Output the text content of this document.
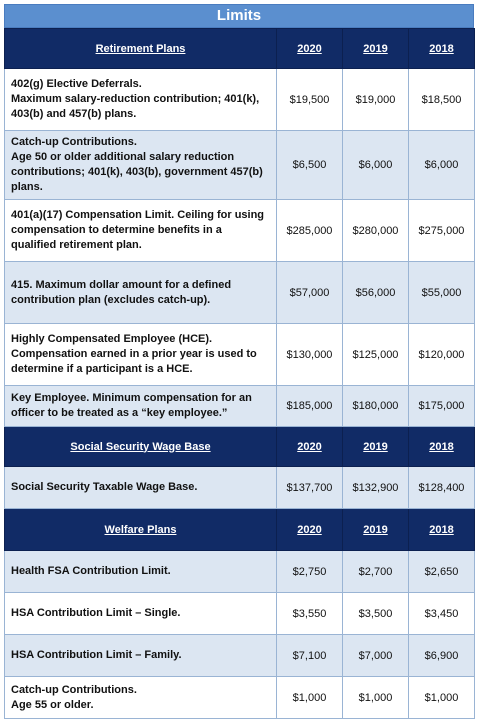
Limits
Retirement Plans	2020	2019	2018
402(g) Elective Deferrals.
Maximum salary-reduction contribution; 401(k), 403(b) and 457(b) plans.	$19,500	$19,000	$18,500
Catch-up Contributions.
Age 50 or older additional salary reduction contributions; 401(k), 403(b), government 457(b) plans.	$6,500	$6,000	$6,000
401(a)(17) Compensation Limit. Ceiling for using compensation to determine benefits in a qualified retirement plan.	$285,000	$280,000	$275,000
415. Maximum dollar amount for a defined contribution plan (excludes catch-up).	$57,000	$56,000	$55,000
Highly Compensated Employee (HCE). Compensation earned in a prior year is used to determine if a participant is a HCE.	$130,000	$125,000	$120,000
Key Employee. Minimum compensation for an officer to be treated as a “key employee.”	$185,000	$180,000	$175,000
Social Security Wage Base	2020	2019	2018
Social Security Taxable Wage Base.	$137,700	$132,900	$128,400
Welfare Plans	2020	2019	2018
Health FSA Contribution Limit.	$2,750	$2,700	$2,650
HSA Contribution Limit – Single.	$3,550	$3,500	$3,450
HSA Contribution Limit – Family.	$7,100	$7,000	$6,900
Catch-up Contributions.
Age 55 or older.	$1,000	$1,000	$1,000
